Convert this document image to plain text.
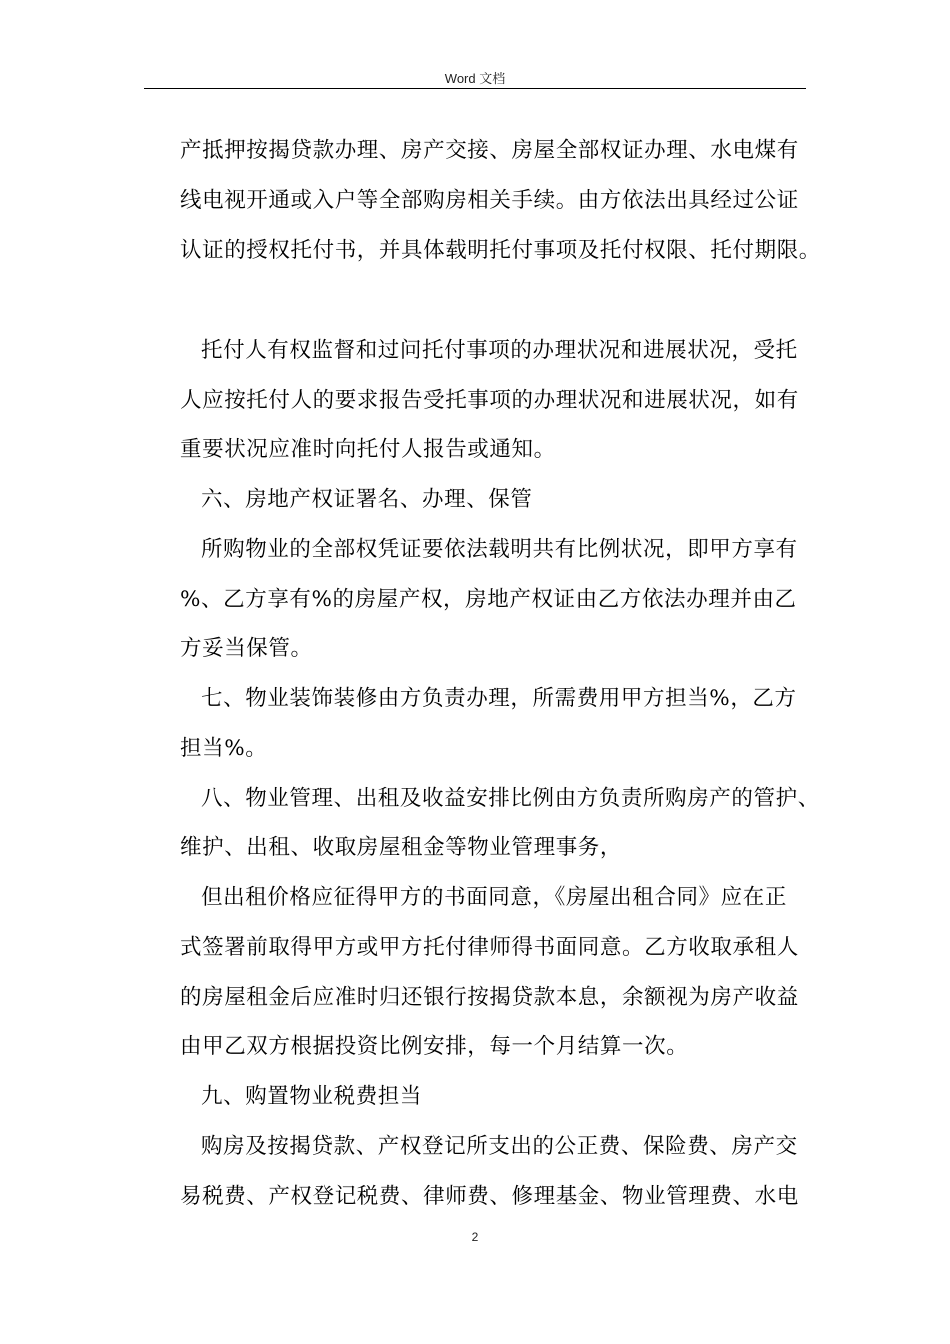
Word 文档
产抵押按揭贷款办理、房产交接、房屋全部权证办理、水电煤有
线电视开通或入户等全部购房相关手续。由方依法出具经过公证
认证的授权托付书，并具体载明托付事项及托付权限、托付期限。
托付人有权监督和过问托付事项的办理状况和进展状况，受托
人应按托付人的要求报告受托事项的办理状况和进展状况，如有
重要状况应准时向托付人报告或通知。
六、房地产权证署名、办理、保管
所购物业的全部权凭证要依法载明共有比例状况，即甲方享有
%、乙方享有%的房屋产权，房地产权证由乙方依法办理并由乙
方妥当保管。
七、物业装饰装修由方负责办理，所需费用甲方担当%，乙方
担当%。
八、物业管理、出租及收益安排比例由方负责所购房产的管护、
维护、出租、收取房屋租金等物业管理事务，
但出租价格应征得甲方的书面同意，《房屋出租合同》应在正
式签署前取得甲方或甲方托付律师得书面同意。乙方收取承租人
的房屋租金后应准时归还银行按揭贷款本息，余额视为房产收益
由甲乙双方根据投资比例安排，每一个月结算一次。
九、购置物业税费担当
购房及按揭贷款、产权登记所支出的公正费、保险费、房产交
易税费、产权登记税费、律师费、修理基金、物业管理费、水电
2
